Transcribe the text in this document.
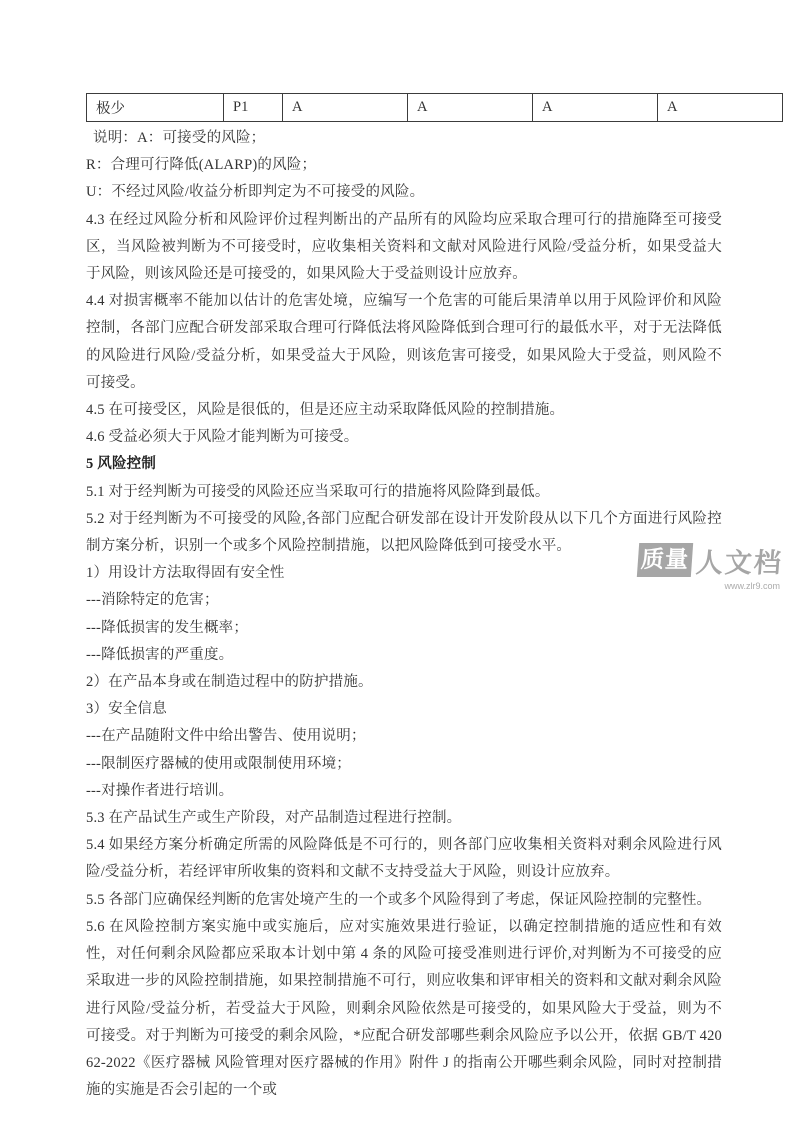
极少	P1	A	A	A	A

说明：A：可接受的风险；

R：合理可行降低(ALARP)的风险；

U：不经过风险/收益分析即判定为不可接受的风险。

4.3 在经过风险分析和风险评价过程判断出的产品所有的风险均应采取合理可行的措施降至可接受区，当风险被判断为不可接受时，应收集相关资料和文献对风险进行风险/受益分析，如果受益大于风险，则该风险还是可接受的，如果风险大于受益则设计应放弃。

4.4 对损害概率不能加以估计的危害处境，应编写一个危害的可能后果清单以用于风险评价和风险控制，各部门应配合研发部采取合理可行降低法将风险降低到合理可行的最低水平，对于无法降低的风险进行风险/受益分析，如果受益大于风险，则该危害可接受，如果风险大于受益，则风险不可接受。

4.5 在可接受区，风险是很低的，但是还应主动采取降低风险的控制措施。

4.6 受益必须大于风险才能判断为可接受。

5 风险控制

5.1 对于经判断为可接受的风险还应当采取可行的措施将风险降到最低。

5.2 对于经判断为不可接受的风险,各部门应配合研发部在设计开发阶段从以下几个方面进行风险控制方案分析，识别一个或多个风险控制措施，以把风险降低到可接受水平。

1）用设计方法取得固有安全性

---消除特定的危害；

---降低损害的发生概率；

---降低损害的严重度。

2）在产品本身或在制造过程中的防护措施。

3）安全信息

---在产品随附文件中给出警告、使用说明；

---限制医疗器械的使用或限制使用环境；

---对操作者进行培训。

5.3 在产品试生产或生产阶段，对产品制造过程进行控制。

5.4 如果经方案分析确定所需的风险降低是不可行的，则各部门应收集相关资料对剩余风险进行风险/受益分析，若经评审所收集的资料和文献不支持受益大于风险，则设计应放弃。

5.5 各部门应确保经判断的危害处境产生的一个或多个风险得到了考虑，保证风险控制的完整性。

5.6 在风险控制方案实施中或实施后，应对实施效果进行验证，以确定控制措施的适应性和有效性，对任何剩余风险都应采取本计划中第 4 条的风险可接受准则进行评价,对判断为不可接受的应采取进一步的风险控制措施，如果控制措施不可行，则应收集和评审相关的资料和文献对剩余风险进行风险/受益分析，若受益大于风险，则剩余风险依然是可接受的，如果风险大于受益，则为不可接受。对于判断为可接受的剩余风险，*应配合研发部哪些剩余风险应予以公开，依据 GB/T 42062-2022《医疗器械 风险管理对医疗器械的作用》附件 J 的指南公开哪些剩余风险，同时对控制措施的实施是否会引起的一个或

质量 人文档
www.zlr9.com
